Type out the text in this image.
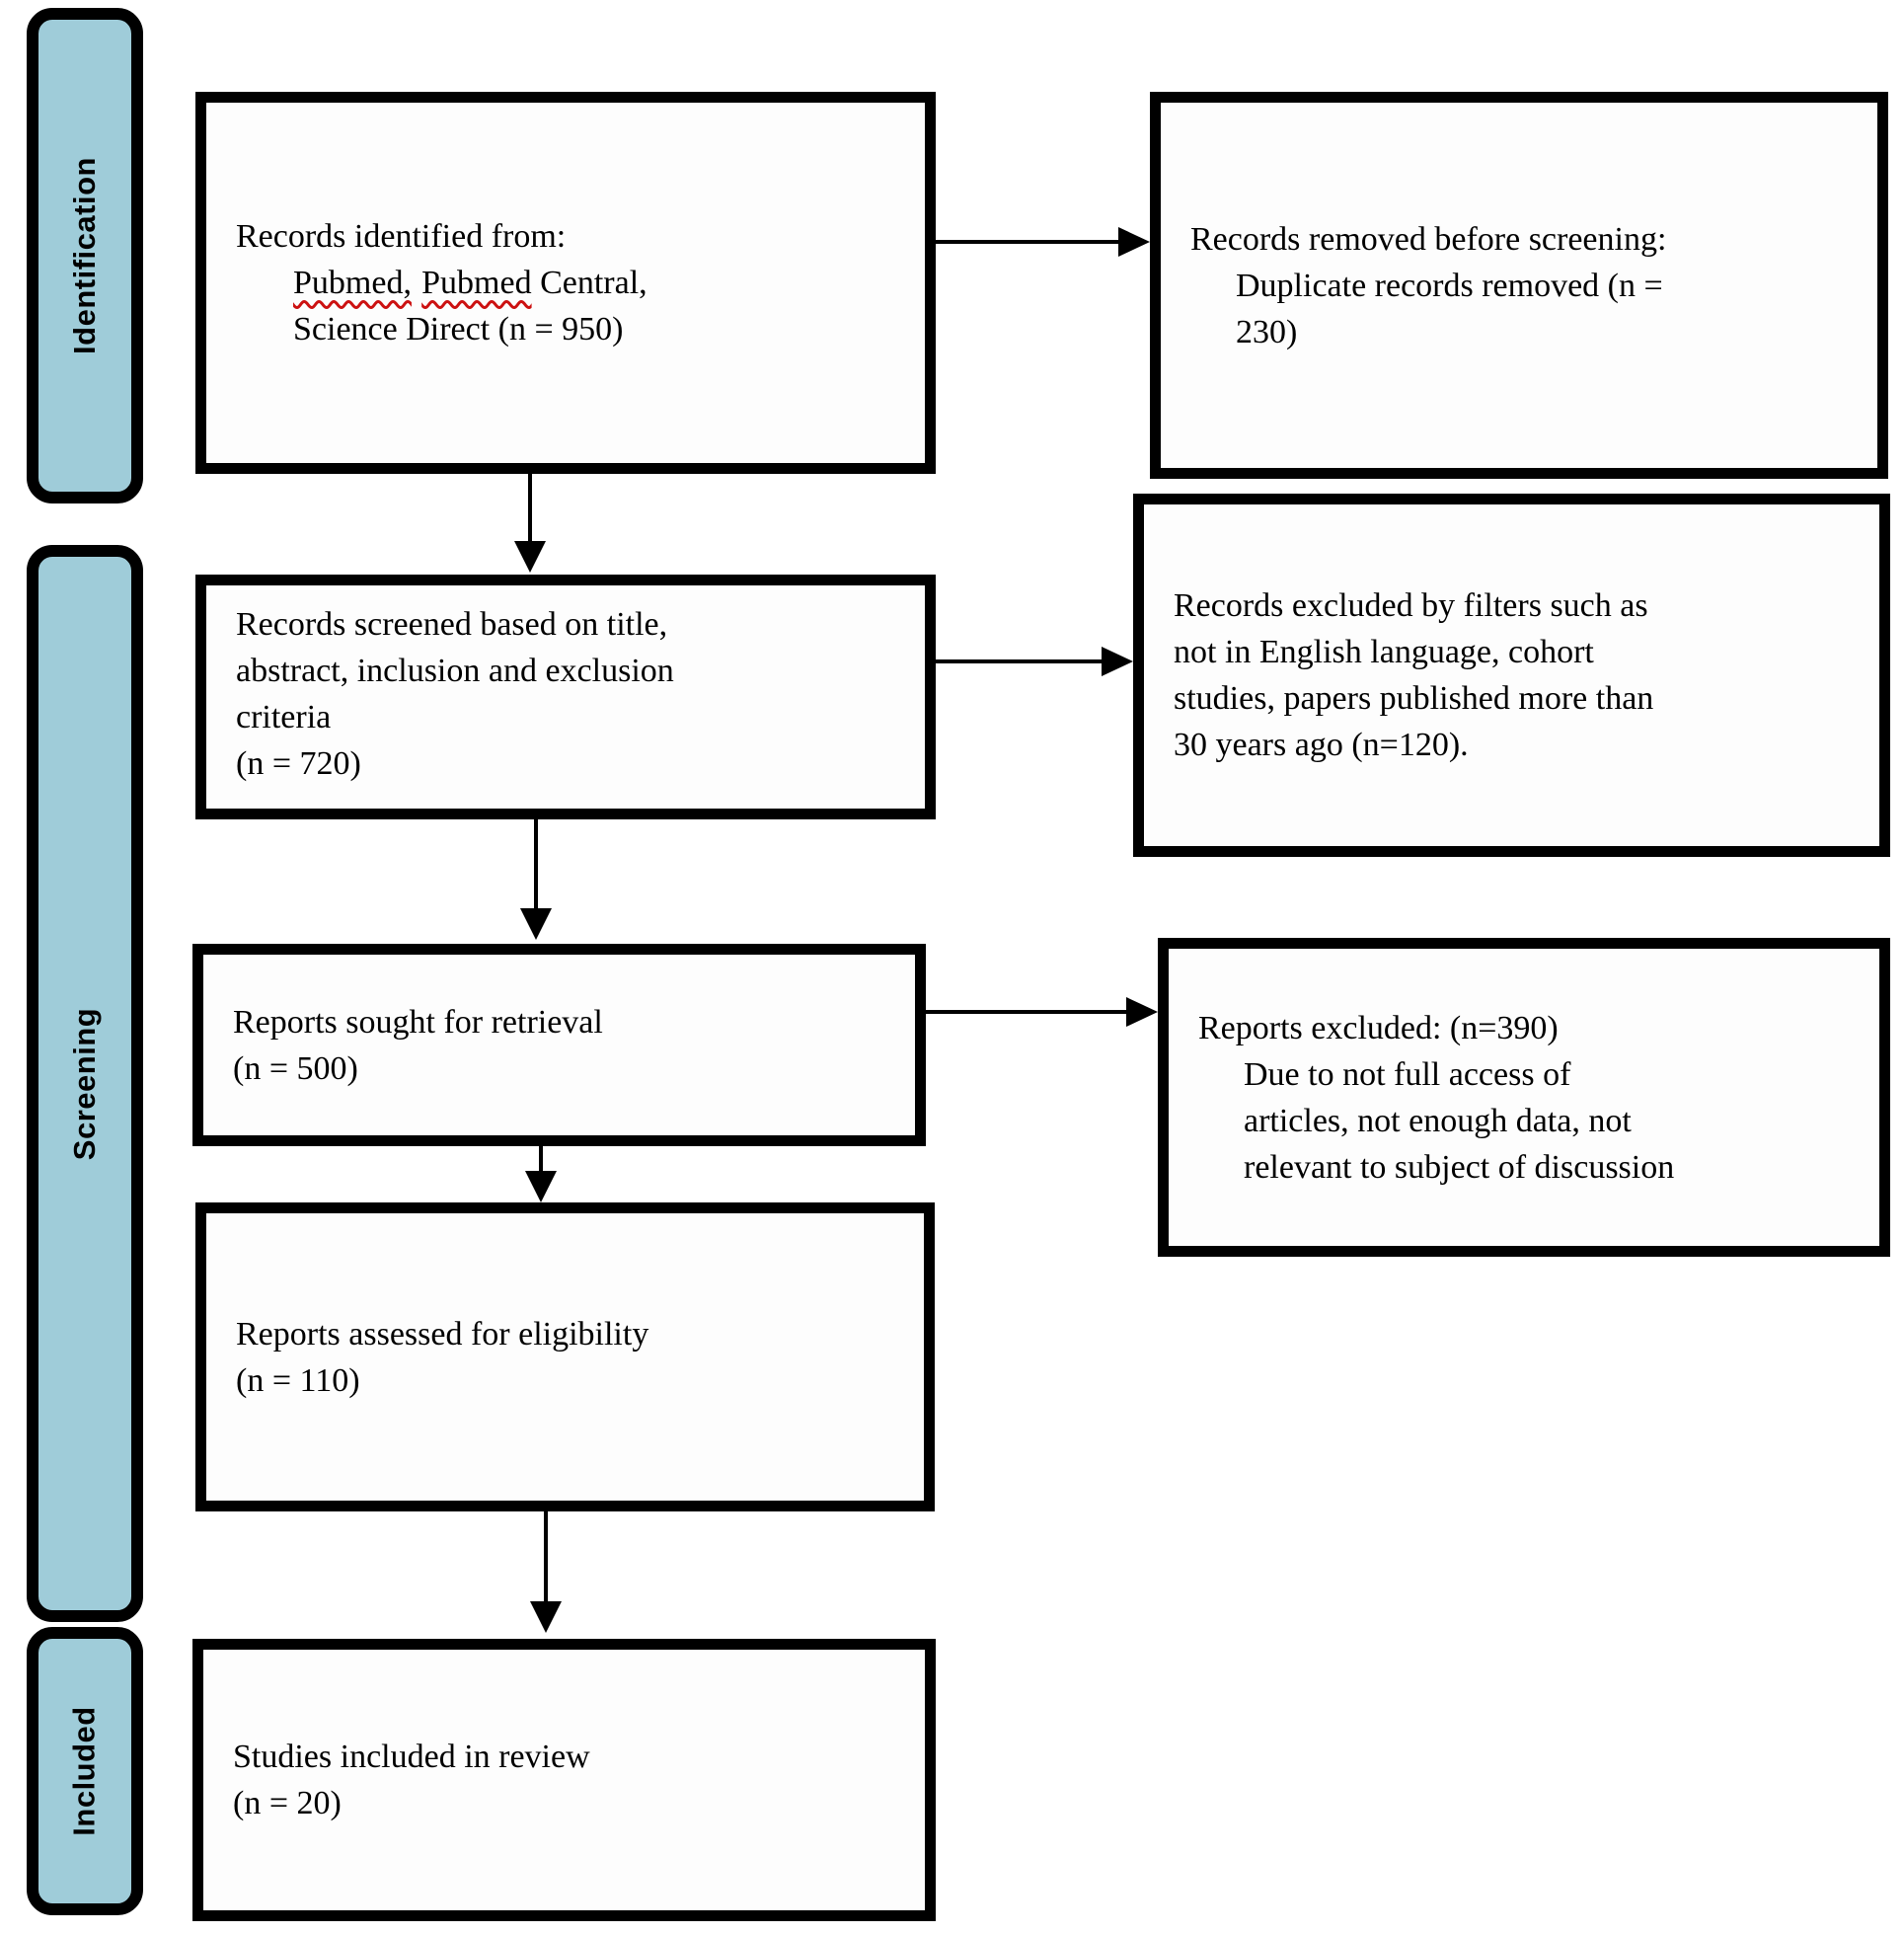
Identification
Screening
Included
Records identified from:
Pubmed, Pubmed Central,
Science Direct (n = 950)
Records removed before screening:
Duplicate records removed (n =
230)
Records screened based on title,
abstract, inclusion and exclusion
criteria
(n = 720)
Records excluded by filters such as
not in English language, cohort
studies, papers published more than
30 years ago (n=120).
Reports sought for retrieval
(n = 500)
Reports excluded: (n=390)
Due to not full access of
articles, not enough data, not
relevant to subject of discussion
Reports assessed for eligibility
(n = 110)
Studies included in review
(n = 20)
